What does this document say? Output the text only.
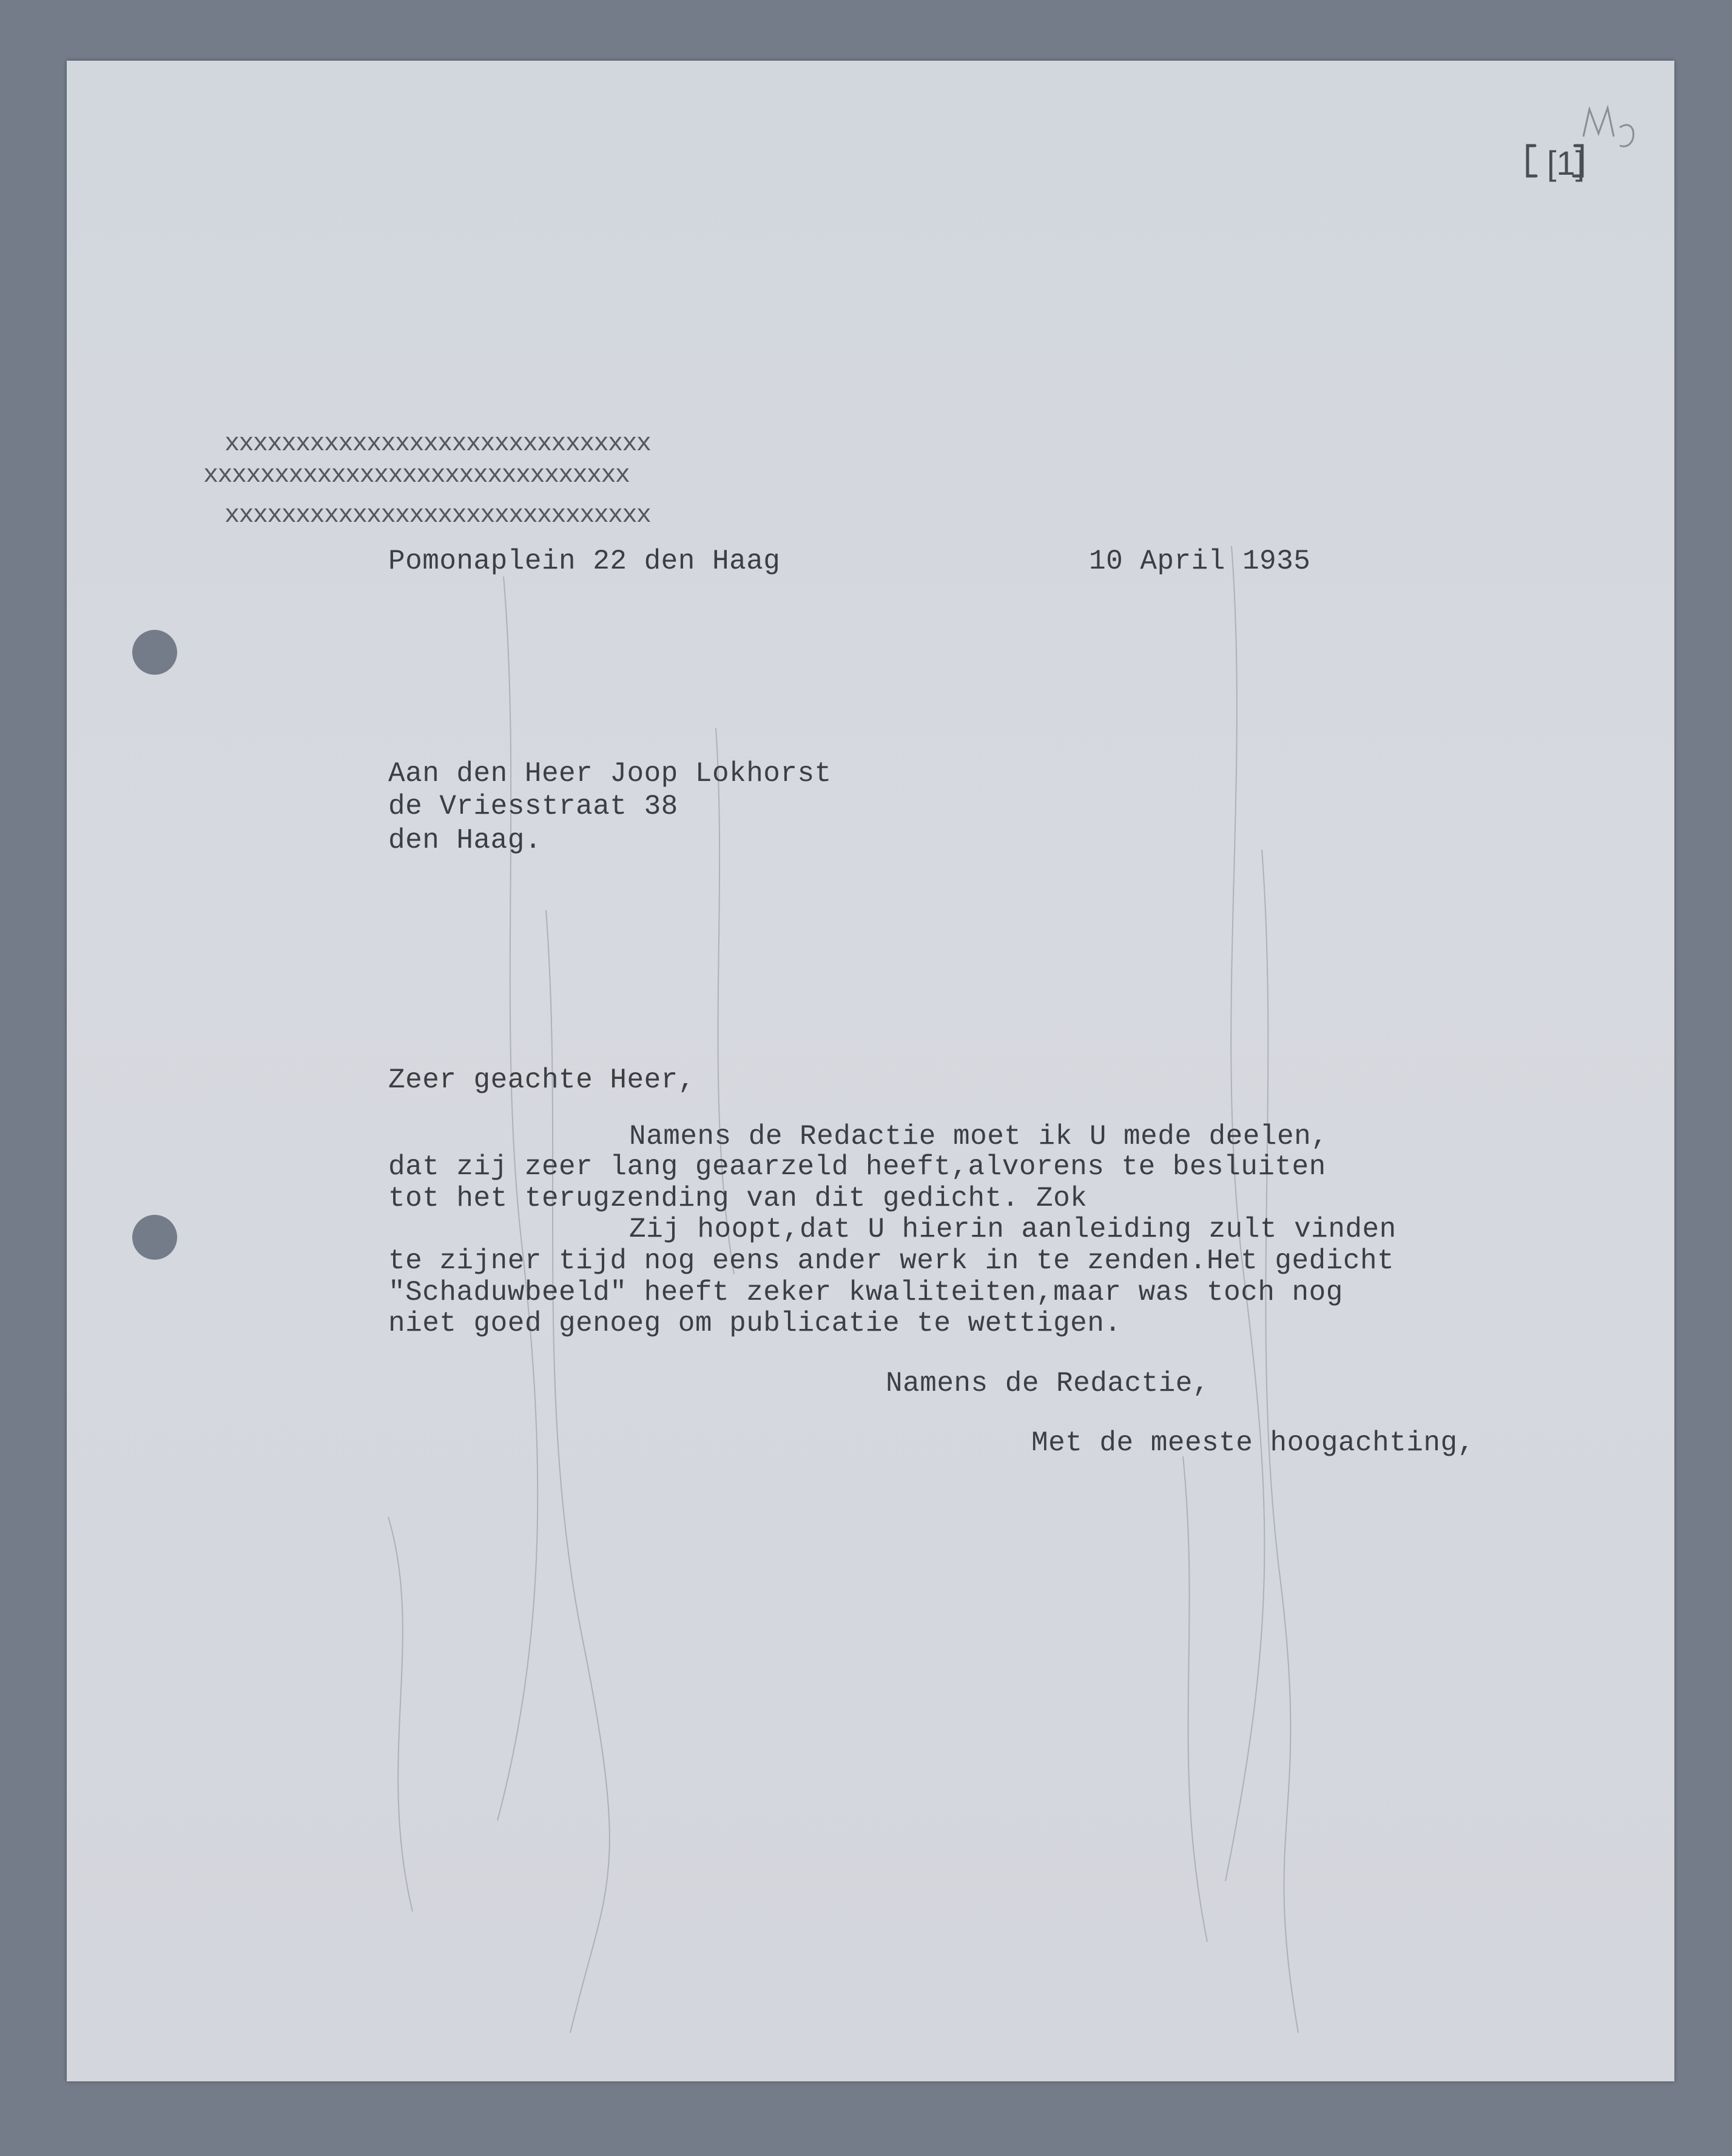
[1]
xxxxxxxxxxxxxxxxxxxxxxxxxxxxxx
xxxxxxxxxxxxxxxxxxxxxxxxxxxxxx
xxxxxxxxxxxxxxxxxxxxxxxxxxxxxx
Pomonaplein 22 den Haag	10 April 1935
Aan den Heer Joop Lokhorst
de Vriesstraat 38
den Haag.
Zeer geachte Heer,
Namens de Redactie moet ik U mede deelen,
dat zij zeer lang geaarzeld heeft,alvorens te besluiten
tot het terugzending van dit gedicht. Zok
Zij hoopt,dat U hierin aanleiding zult vinden
te zijner tijd nog eens ander werk in te zenden.Het gedicht
"Schaduwbeeld" heeft zeker kwaliteiten,maar was toch nog
niet goed genoeg om publicatie te wettigen.
Namens de Redactie,
Met de meeste hoogachting,
